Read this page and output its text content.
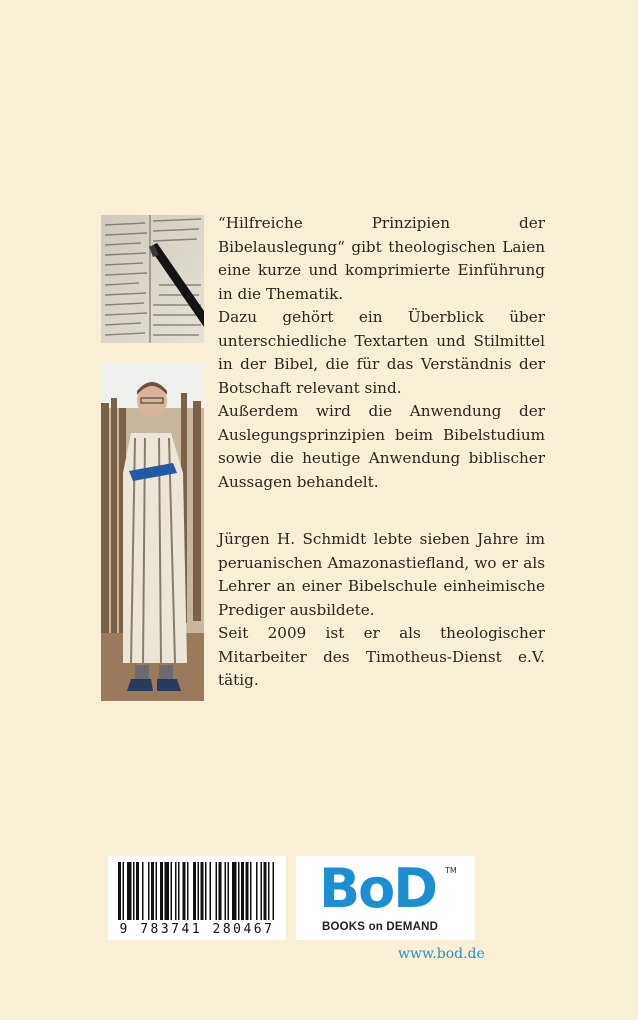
“Hilfreiche Prinzipien der Bibelauslegung“ gibt theologischen Laien eine kurze und komprimierte Einführung in die Thematik.

Dazu gehört ein Überblick über unterschiedliche Textarten und Stilmittel in der Bibel, die für das Verständnis der Botschaft relevant sind.

Außerdem wird die Anwendung der Auslegungsprinzipien beim Bibelstudium sowie die heutige Anwendung biblischer Aussagen behandelt.

Jürgen H. Schmidt lebte sieben Jahre im peruanischen Amazonastiefland, wo er als Lehrer an einer Bibelschule einheimische Prediger ausbildete.

Seit 2009 ist er als theologischer Mitarbeiter des Timotheus-Dienst e.V. tätig.

9 783741 280467
BoD TM
BOOKS on DEMAND
www.bod.de
